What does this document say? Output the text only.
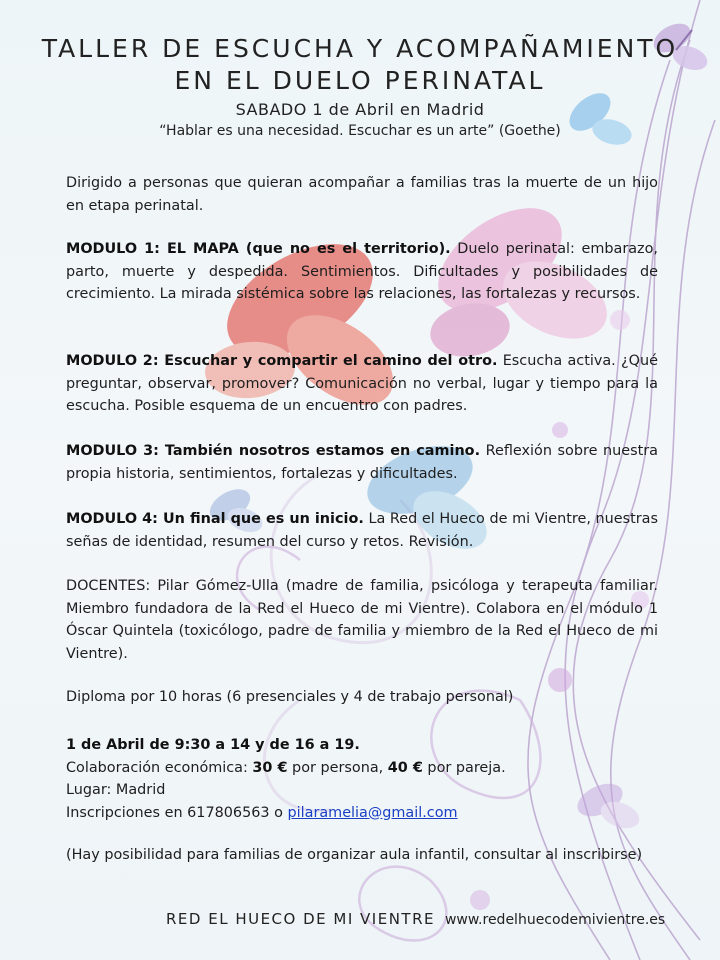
TALLER DE ESCUCHA Y ACOMPAÑAMIENTO
EN EL DUELO PERINATAL
SABADO 1 de Abril en Madrid
“Hablar es una necesidad. Escuchar es un arte” (Goethe)
Dirigido a personas que quieran acompañar a familias tras la muerte de un hijo en etapa perinatal.
MODULO 1: EL MAPA (que no es el territorio). Duelo perinatal: embarazo, parto, muerte y despedida. Sentimientos. Dificultades y posibilidades de crecimiento. La mirada sistémica sobre las relaciones, las fortalezas y recursos.
MODULO 2: Escuchar y compartir el camino del otro. Escucha activa. ¿Qué preguntar, observar, promover? Comunicación no verbal, lugar y tiempo para la escucha. Posible esquema de un encuentro con padres.
MODULO 3: También nosotros estamos en camino. Reflexión sobre nuestra propia historia, sentimientos, fortalezas y dificultades.
MODULO 4: Un final que es un inicio. La Red el Hueco de mi Vientre, nuestras señas de identidad, resumen del curso y retos. Revisión.
DOCENTES: Pilar Gómez-Ulla (madre de familia, psicóloga y terapeuta familiar. Miembro fundadora de la Red el Hueco de mi Vientre). Colabora en el módulo 1 Óscar Quintela (toxicólogo, padre de familia y miembro de la Red el Hueco de mi Vientre).
Diploma por 10 horas (6 presenciales y 4 de trabajo personal)
1 de Abril de 9:30 a 14 y de 16 a 19.
Colaboración económica: 30 € por persona, 40 € por pareja.
Lugar: Madrid
Inscripciones en 617806563 o pilaramelia@gmail.com
(Hay posibilidad para familias de organizar aula infantil, consultar al inscribirse)
RED EL HUECO DE MI VIENTRE www.redelhuecodemivientre.es
